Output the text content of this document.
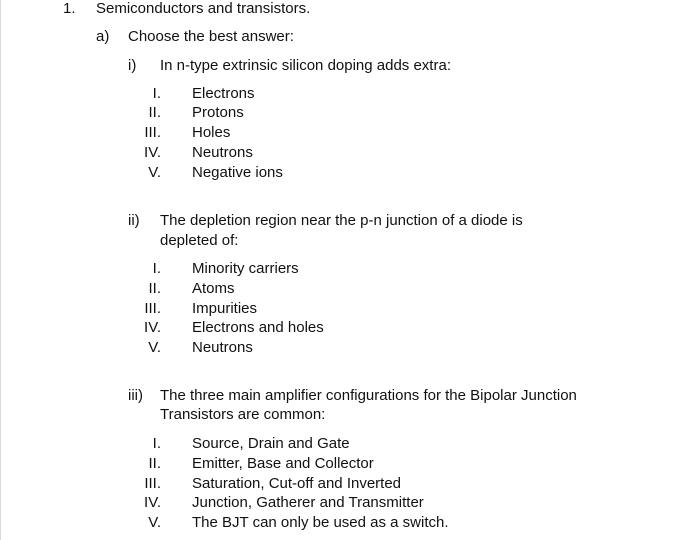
1. Semiconductors and transistors.
a) Choose the best answer:
i) In n-type extrinsic silicon doping adds extra:
I. Electrons
II. Protons
III. Holes
IV. Neutrons
V. Negative ions
ii) The depletion region near the p-n junction of a diode is
depleted of:
I. Minority carriers
II. Atoms
III. Impurities
IV. Electrons and holes
V. Neutrons
iii) The three main amplifier configurations for the Bipolar Junction
Transistors are common:
I. Source, Drain and Gate
II. Emitter, Base and Collector
III. Saturation, Cut-off and Inverted
IV. Junction, Gatherer and Transmitter
V. The BJT can only be used as a switch.
